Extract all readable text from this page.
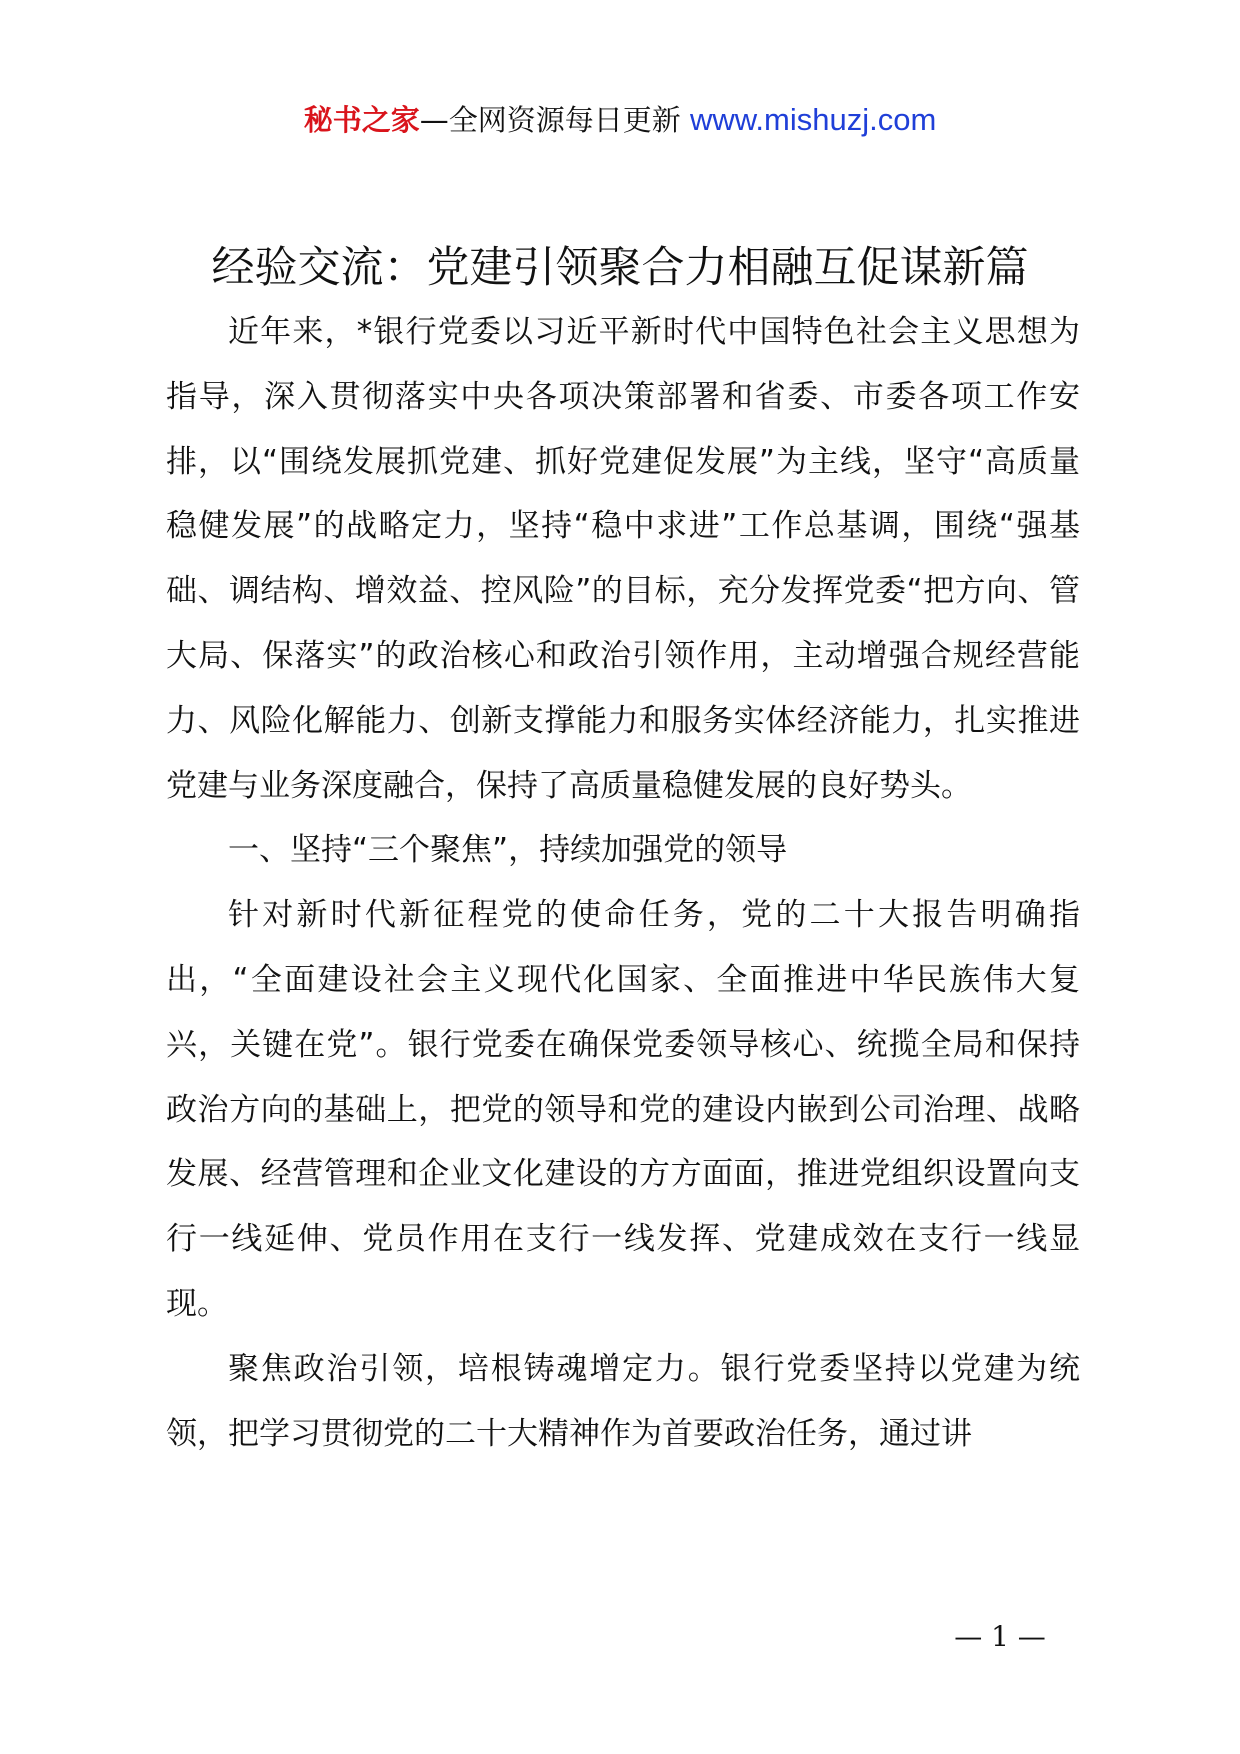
秘书之家—全网资源每日更新 www.mishuzj.com
经验交流：党建引领聚合力相融互促谋新篇

近年来，*银行党委以习近平新时代中国特色社会主义思想为指导，深入贯彻落实中央各项决策部署和省委、市委各项工作安排，以“围绕发展抓党建、抓好党建促发展”为主线，坚守“高质量稳健发展”的战略定力，坚持“稳中求进”工作总基调，围绕“强基础、调结构、增效益、控风险”的目标，充分发挥党委“把方向、管大局、保落实”的政治核心和政治引领作用，主动增强合规经营能力、风险化解能力、创新支撑能力和服务实体经济能力，扎实推进党建与业务深度融合，保持了高质量稳健发展的良好势头。

一、坚持“三个聚焦”，持续加强党的领导

针对新时代新征程党的使命任务，党的二十大报告明确指出，“全面建设社会主义现代化国家、全面推进中华民族伟大复兴，关键在党”。银行党委在确保党委领导核心、统揽全局和保持政治方向的基础上，把党的领导和党的建设内嵌到公司治理、战略发展、经营管理和企业文化建设的方方面面，推进党组织设置向支行一线延伸、党员作用在支行一线发挥、党建成效在支行一线显现。

聚焦政治引领，培根铸魂增定力。银行党委坚持以党建为统领，把学习贯彻党的二十大精神作为首要政治任务，通过讲

— 1 —
